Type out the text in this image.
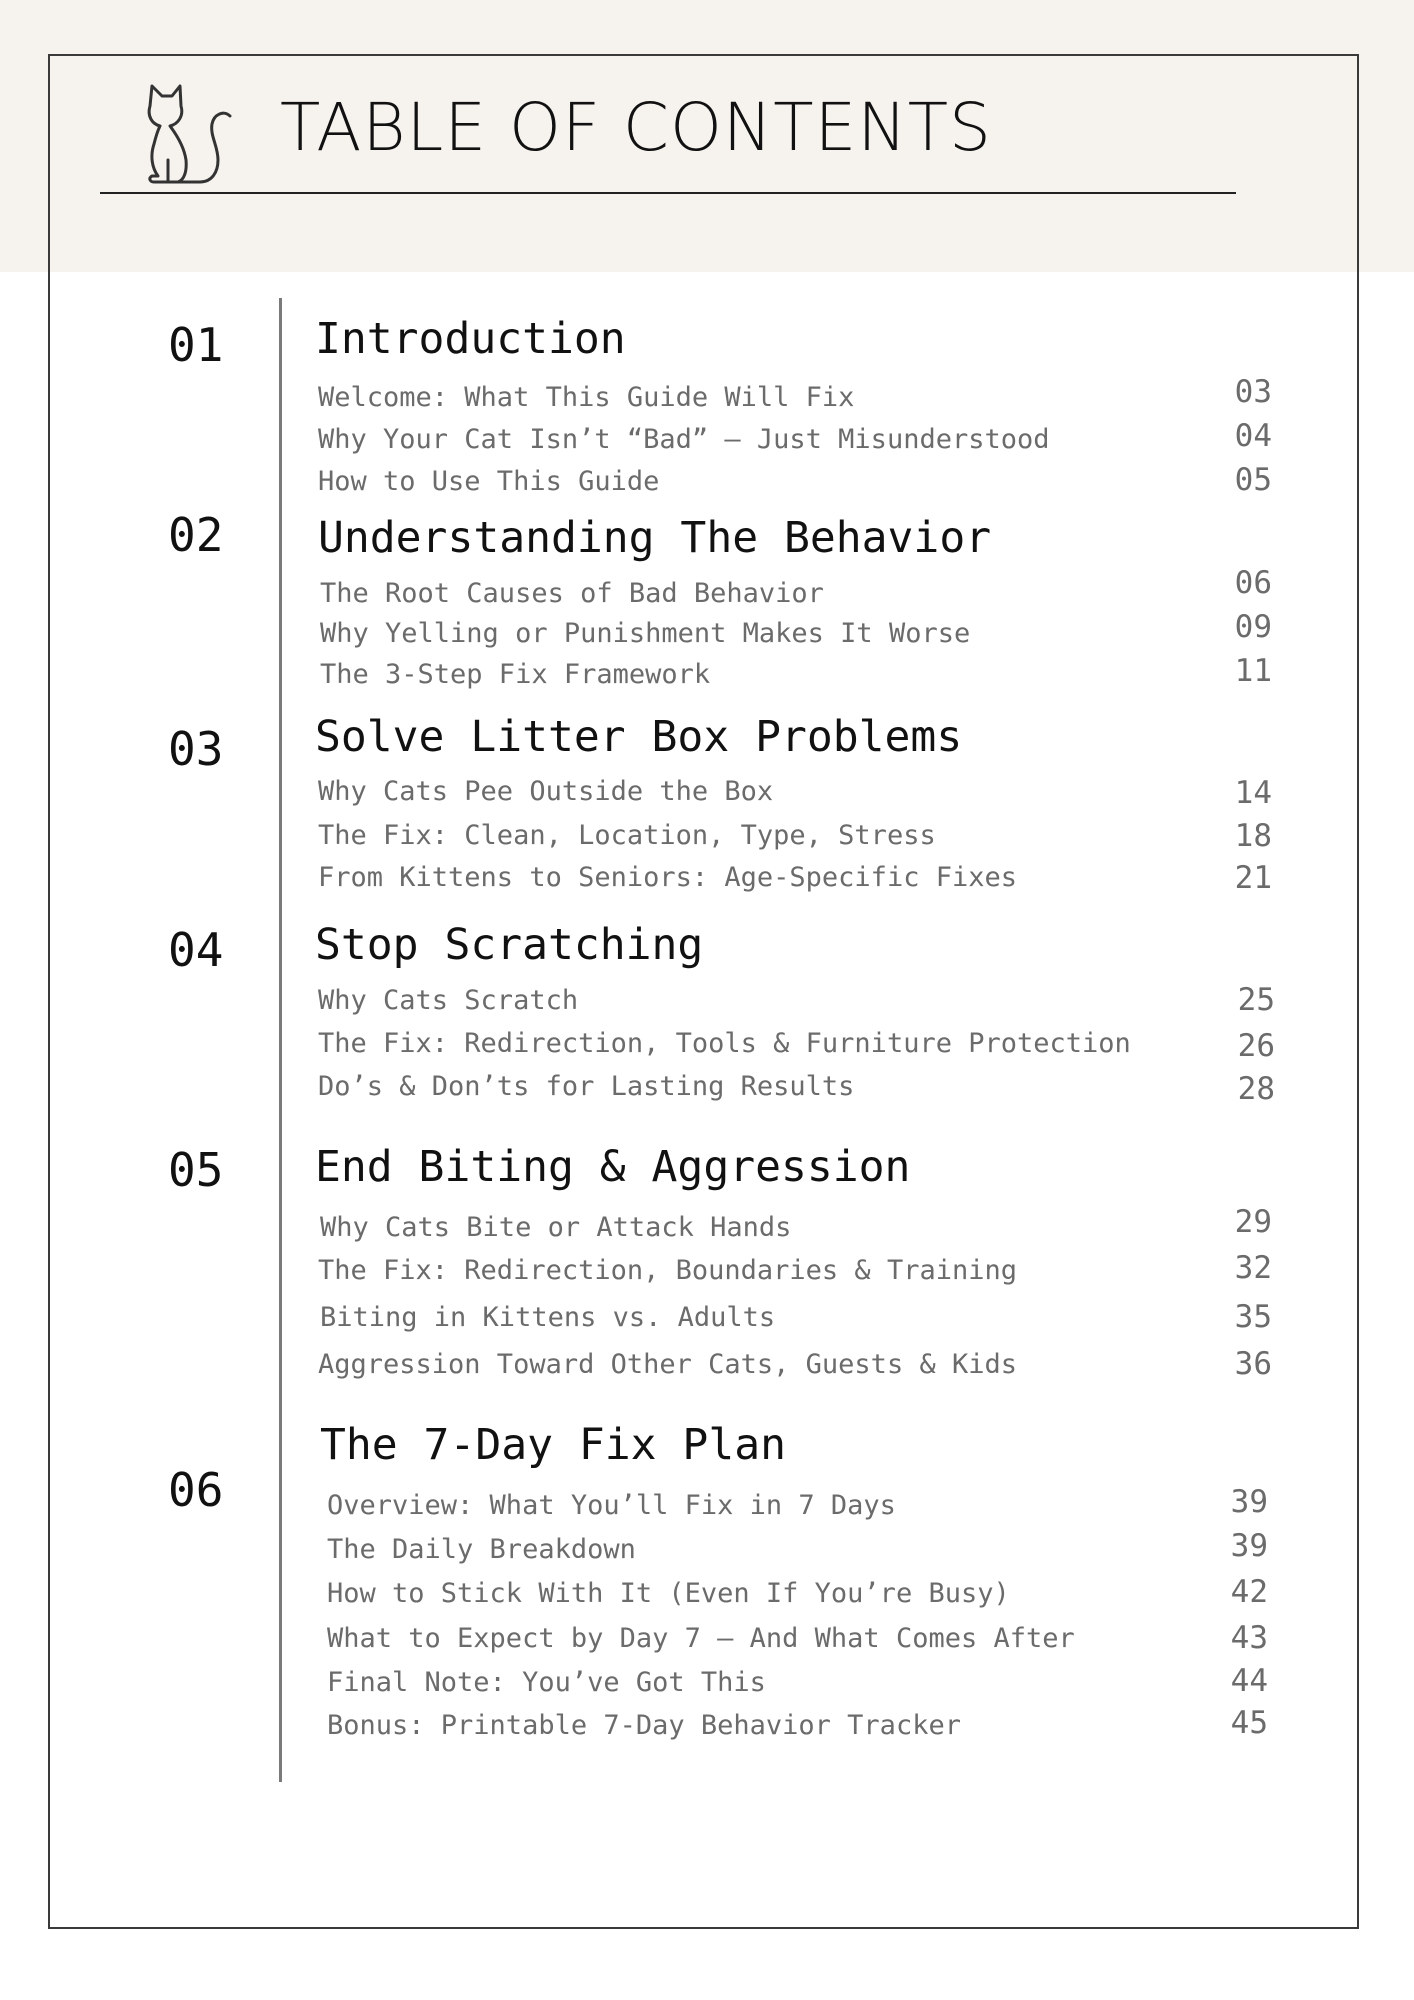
TABLE OF CONTENTS
01 Introduction
Welcome: What This Guide Will Fix	03
Why Your Cat Isn’t “Bad” — Just Misunderstood	04
How to Use This Guide	05
02 Understanding The Behavior
The Root Causes of Bad Behavior	06
Why Yelling or Punishment Makes It Worse	09
The 3-Step Fix Framework	11
03 Solve Litter Box Problems
Why Cats Pee Outside the Box	14
The Fix: Clean, Location, Type, Stress	18
From Kittens to Seniors: Age-Specific Fixes	21
04 Stop Scratching
Why Cats Scratch	25
The Fix: Redirection, Tools & Furniture Protection	26
Do’s & Don’ts for Lasting Results	28
05 End Biting & Aggression
Why Cats Bite or Attack Hands	29
The Fix: Redirection, Boundaries & Training	32
Biting in Kittens vs. Adults	35
Aggression Toward Other Cats, Guests & Kids	36
06
The 7-Day Fix Plan
Overview: What You’ll Fix in 7 Days	39
The Daily Breakdown	39
How to Stick With It (Even If You’re Busy)	42
What to Expect by Day 7 — And What Comes After	43
Final Note: You’ve Got This	44
Bonus: Printable 7-Day Behavior Tracker	45
